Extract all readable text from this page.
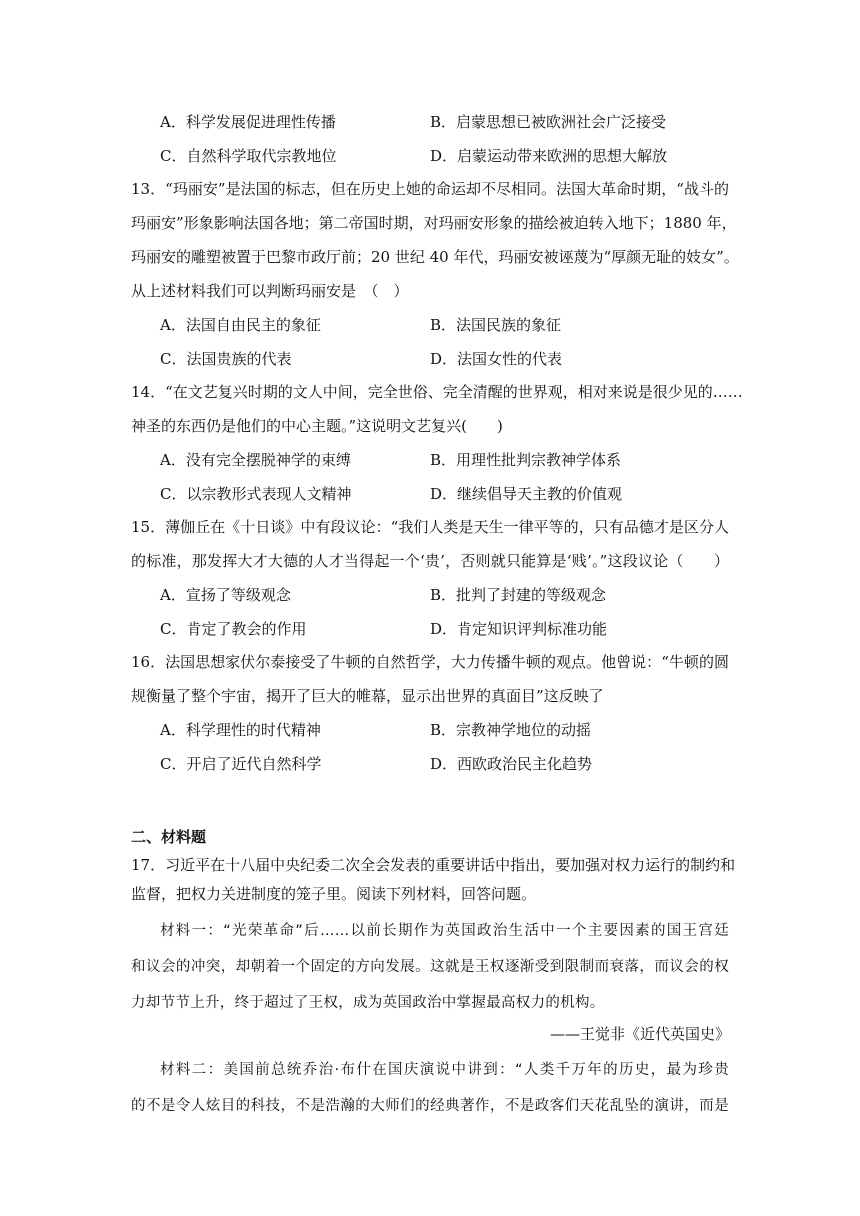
A．科学发展促进理性传播	B．启蒙思想已被欧洲社会广泛接受
C．自然科学取代宗教地位	D．启蒙运动带来欧洲的思想大解放
13．“玛丽安”是法国的标志，但在历史上她的命运却不尽相同。法国大革命时期，“战斗的
玛丽安”形象影响法国各地；第二帝国时期，对玛丽安形象的描绘被迫转入地下；1880 年，
玛丽安的雕塑被置于巴黎市政厅前；20 世纪 40 年代，玛丽安被诬蔑为“厚颜无耻的妓女”。
从上述材料我们可以判断玛丽安是　（　）
A．法国自由民主的象征	B．法国民族的象征
C．法国贵族的代表	D．法国女性的代表
14．“在文艺复兴时期的文人中间，完全世俗、完全清醒的世界观，相对来说是很少见的……
神圣的东西仍是他们的中心主题。”这说明文艺复兴(　　)
A．没有完全摆脱神学的束缚	B．用理性批判宗教神学体系
C．以宗教形式表现人文精神	D．继续倡导天主教的价值观
15．薄伽丘在《十日谈》中有段议论：“我们人类是天生一律平等的，只有品德才是区分人
的标准，那发挥大才大德的人才当得起一个‘贵’，否则就只能算是‘贱’。”这段议论（　　）
A．宣扬了等级观念	B．批判了封建的等级观念
C．肯定了教会的作用	D．肯定知识评判标准功能
16．法国思想家伏尔泰接受了牛顿的自然哲学，大力传播牛顿的观点。他曾说：“牛顿的圆
规衡量了整个宇宙，揭开了巨大的帷幕，显示出世界的真面目”这反映了
A．科学理性的时代精神	B．宗教神学地位的动摇
C．开启了近代自然科学	D．西欧政治民主化趋势
二、材料题
17．习近平在十八届中央纪委二次全会发表的重要讲话中指出，要加强对权力运行的制约和
监督，把权力关进制度的笼子里。阅读下列材料，回答问题。
材料一：“光荣革命”后……以前长期作为英国政治生活中一个主要因素的国王宫廷
和议会的冲突，却朝着一个固定的方向发展。这就是王权逐渐受到限制而衰落，而议会的权
力却节节上升，终于超过了王权，成为英国政治中掌握最高权力的机构。
——王觉非《近代英国史》
材料二：美国前总统乔治·布什在国庆演说中讲到：“人类千万年的历史，最为珍贵
的不是令人炫目的科技，不是浩瀚的大师们的经典著作，不是政客们天花乱坠的演讲，而是
